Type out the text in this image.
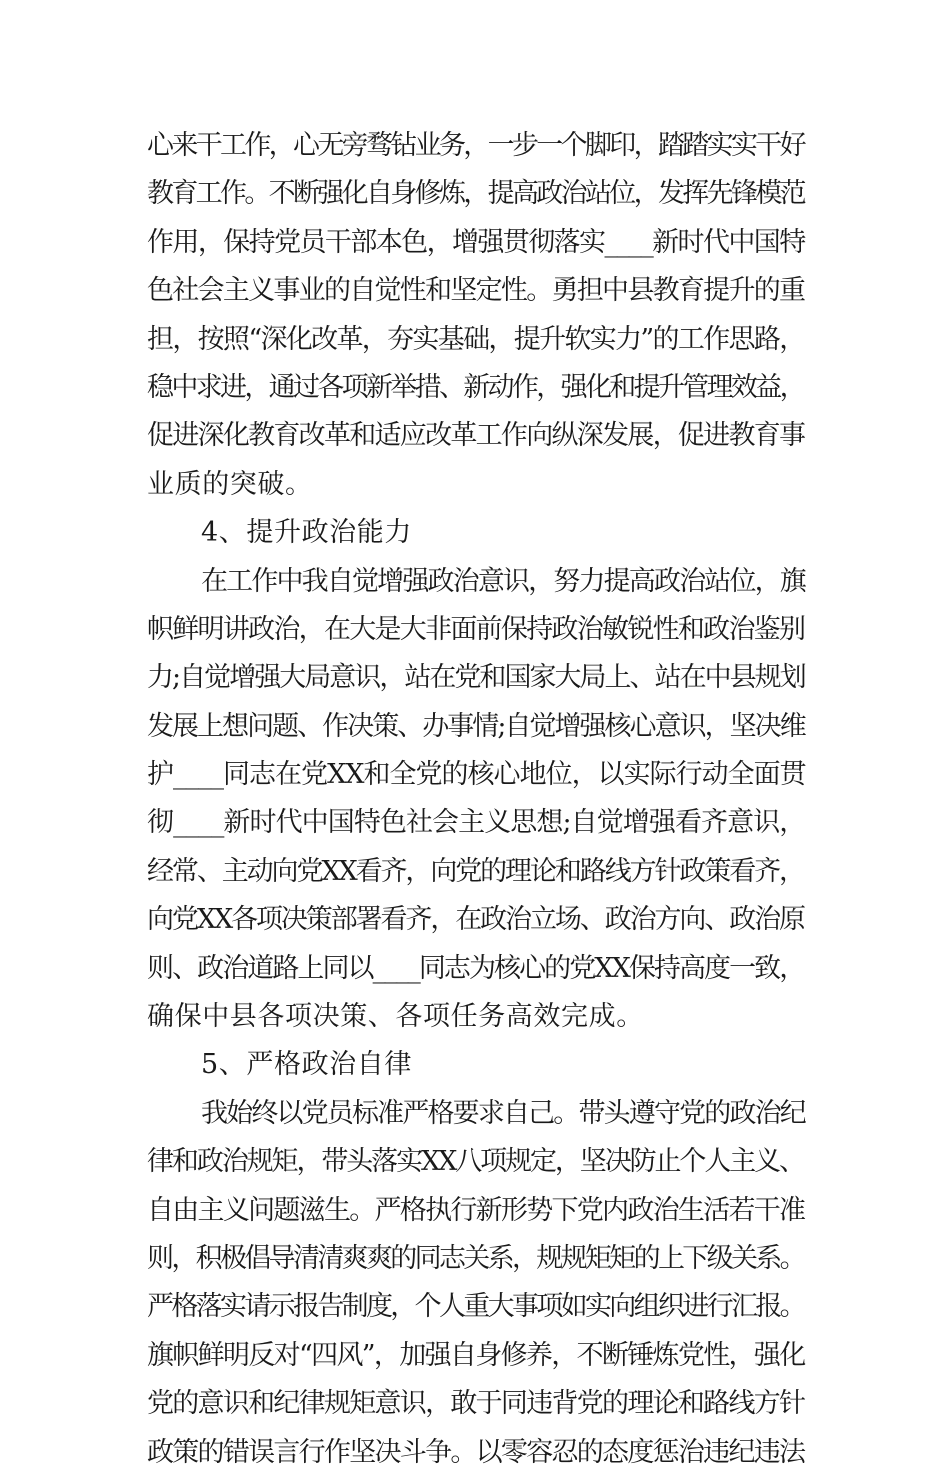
心来干工作，心无旁骛钻业务，一步一个脚印，踏踏实实干好
教育工作。不断强化自身修炼，提高政治站位，发挥先锋模范
作用，保持党员干部本色，增强贯彻落实____新时代中国特
色社会主义事业的自觉性和坚定性。勇担中县教育提升的重
担，按照“深化改革，夯实基础，提升软实力”的工作思路，
稳中求进，通过各项新举措、新动作，强化和提升管理效益，
促进深化教育改革和适应改革工作向纵深发展，促进教育事
业质的突破。
4、提升政治能力
在工作中我自觉增强政治意识，努力提高政治站位，旗
帜鲜明讲政治，在大是大非面前保持政治敏锐性和政治鉴别
力;自觉增强大局意识，站在党和国家大局上、站在中县规划
发展上想问题、作决策、办事情;自觉增强核心意识，坚决维
护____同志在党XX和全党的核心地位，以实际行动全面贯
彻____新时代中国特色社会主义思想;自觉增强看齐意识，
经常、主动向党XX看齐，向党的理论和路线方针政策看齐，
向党XX各项决策部署看齐，在政治立场、政治方向、政治原
则、政治道路上同以____同志为核心的党XX保持高度一致，
确保中县各项决策、各项任务高效完成。
5、严格政治自律
我始终以党员标准严格要求自己。带头遵守党的政治纪
律和政治规矩，带头落实XX八项规定，坚决防止个人主义、
自由主义问题滋生。严格执行新形势下党内政治生活若干准
则，积极倡导清清爽爽的同志关系，规规矩矩的上下级关系。
严格落实请示报告制度，个人重大事项如实向组织进行汇报。
旗帜鲜明反对“四风”，加强自身修养，不断锤炼党性，强化
党的意识和纪律规矩意识，敢于同违背党的理论和路线方针
政策的错误言行作坚决斗争。以零容忍的态度惩治违纪违法
